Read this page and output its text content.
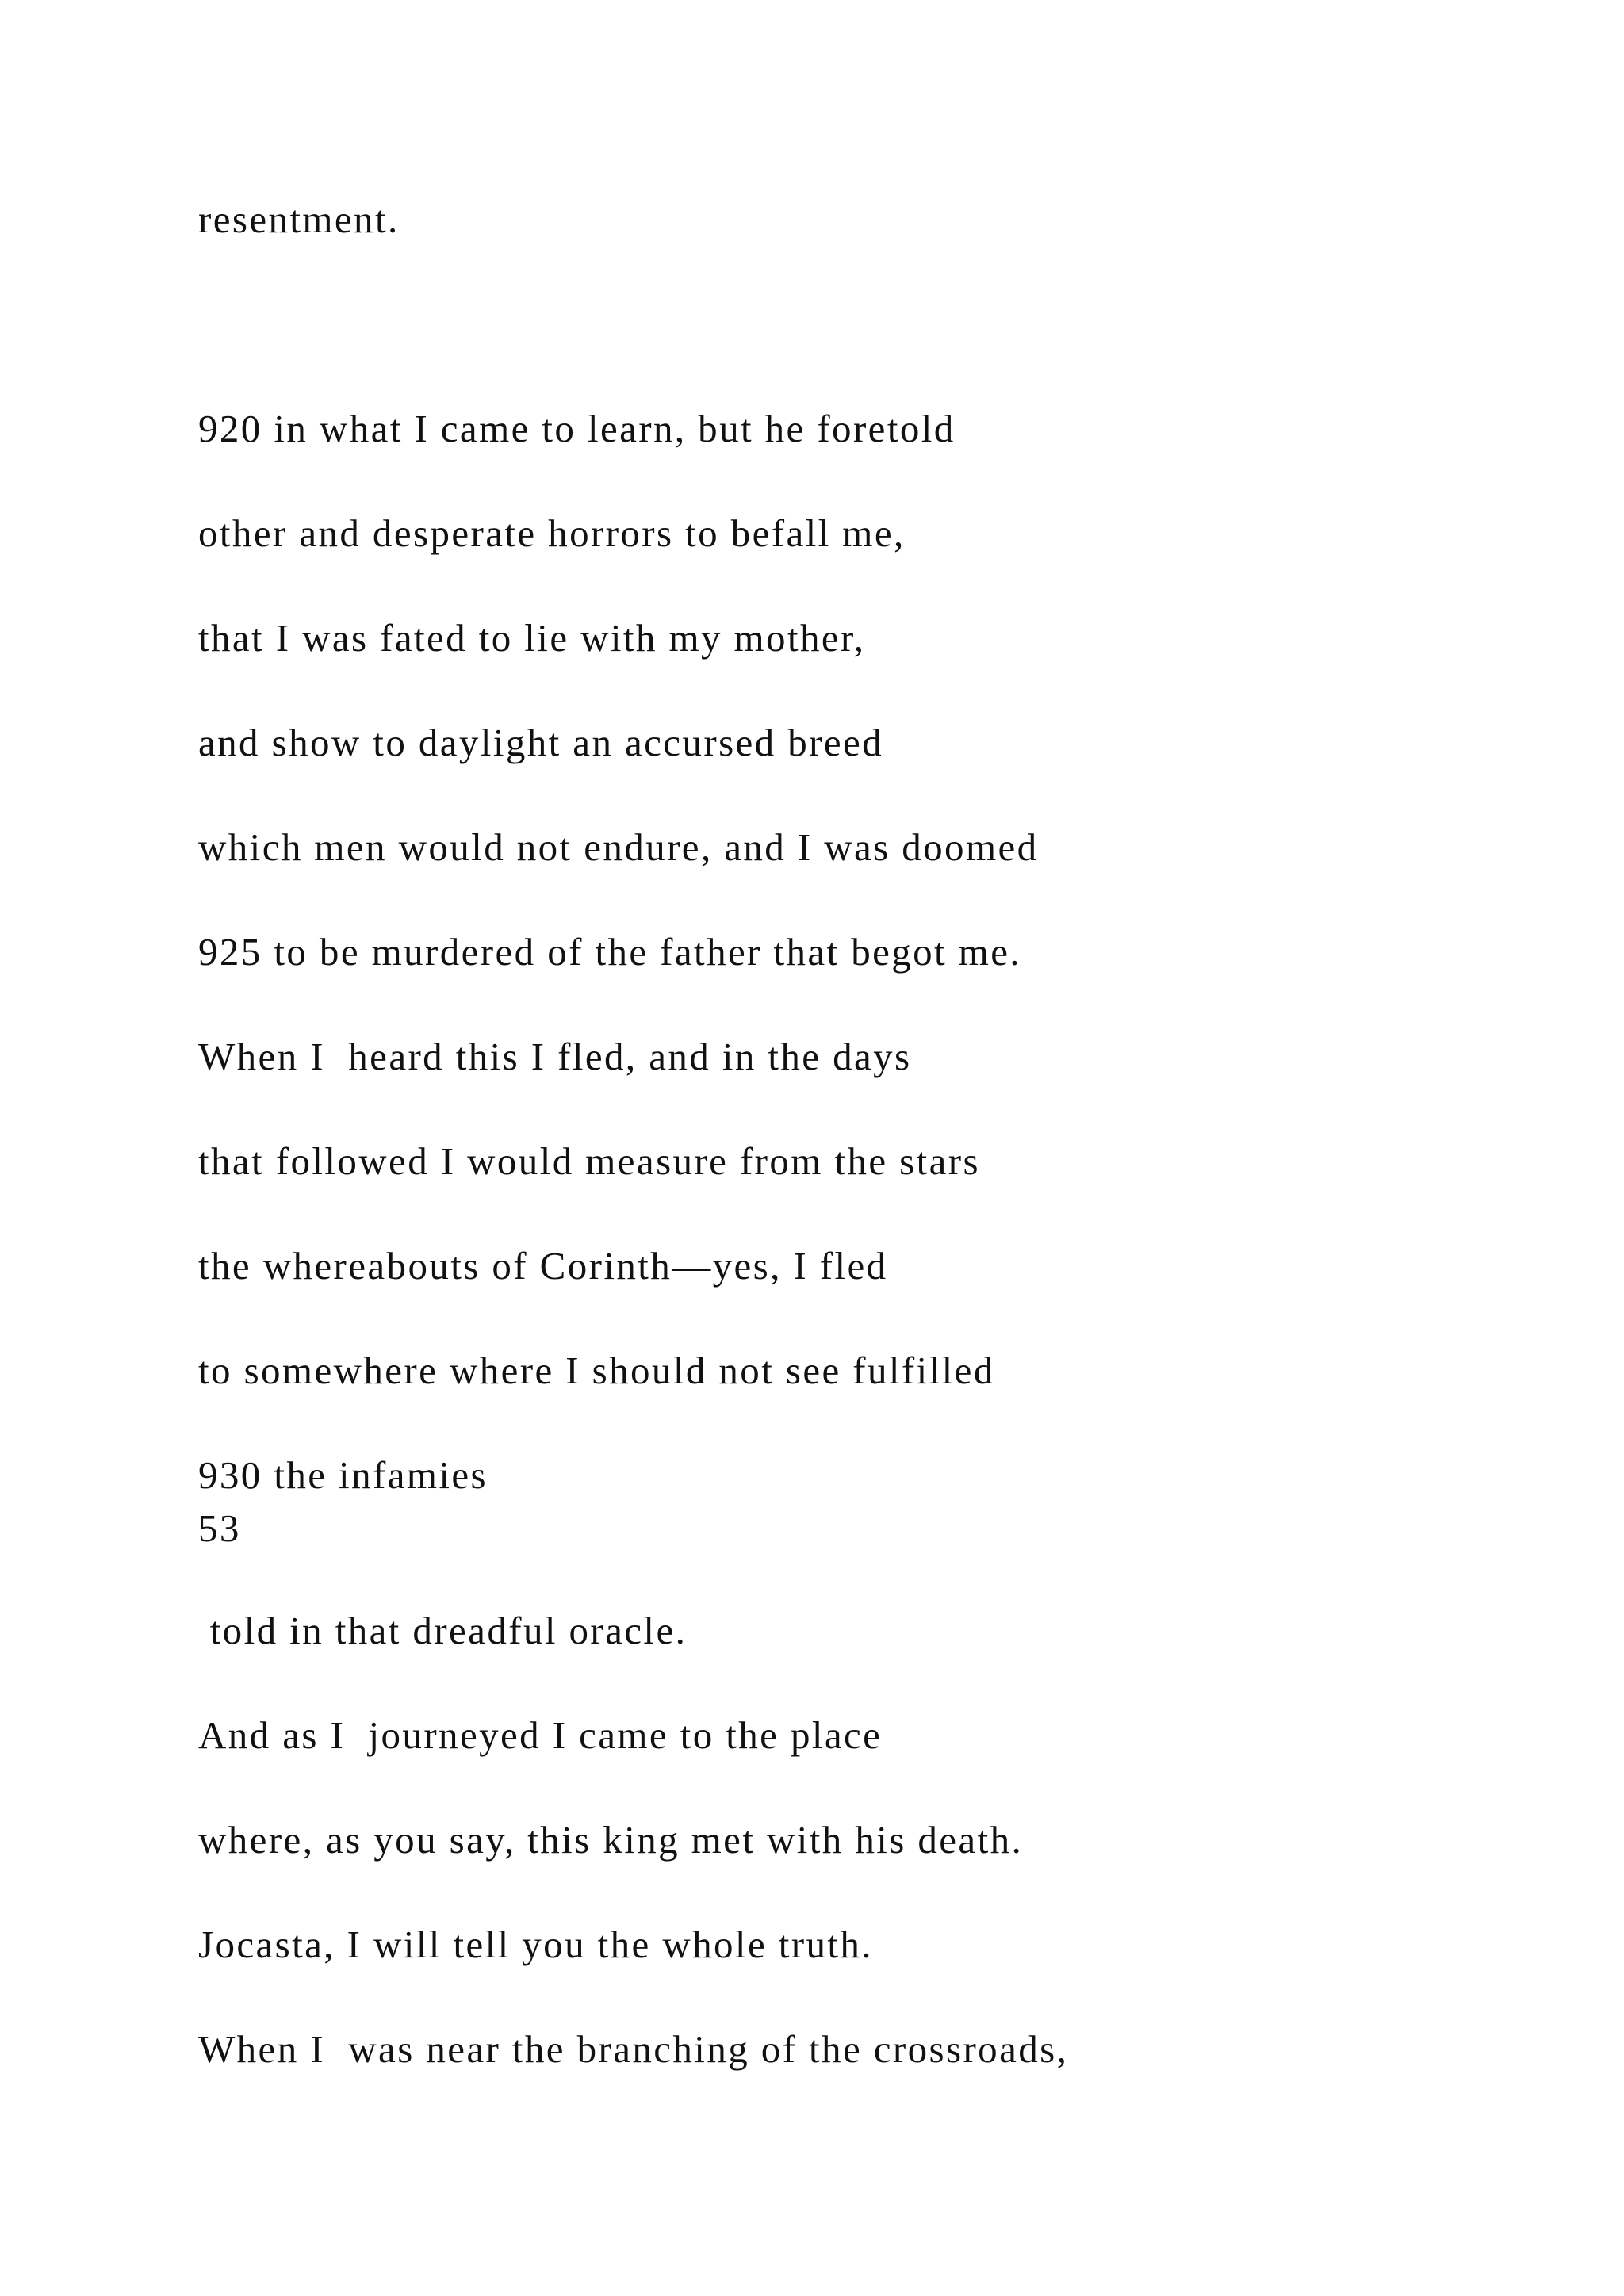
resentment.

920 in what I came to learn, but he foretold

other and desperate horrors to befall me,

that I was fated to lie with my mother,

and show to daylight an accursed breed

which men would not endure, and I was doomed

925 to be murdered of the father that begot me.

When I  heard this I fled, and in the days

that followed I would measure from the stars

the whereabouts of Corinth—yes, I fled

to somewhere where I should not see fulfilled

930 the infamies

53

told in that dreadful oracle.

And as I  journeyed I came to the place

where, as you say, this king met with his death.

Jocasta, I will tell you the whole truth.

When I  was near the branching of the crossroads,
